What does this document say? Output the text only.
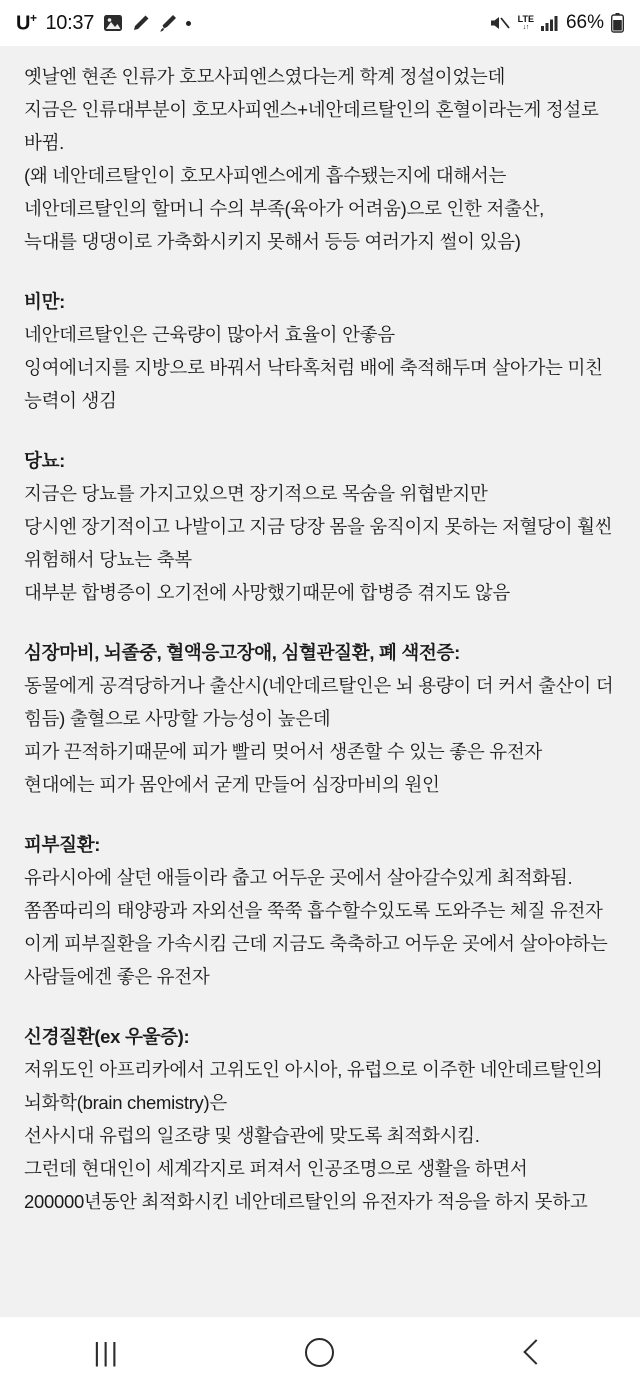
U+ 10:37	LTE
↓↑ 66%

옛날엔 현존 인류가 호모사피엔스였다는게 학계 정설이었는데

지금은 인류대부분이 호모사피엔스+네안데르탈인의 혼혈이라는게 정설로 바뀜.

(왜 네안데르탈인이 호모사피엔스에게 흡수됐는지에 대해서는 네안데르탈인의 할머니 수의 부족(육아가 어려움)으로 인한 저출산,

늑대를 댕댕이로 가축화시키지 못해서 등등 여러가지 썰이 있음)

비만:

네안데르탈인은 근육량이 많아서 효율이 안좋음

잉여에너지를 지방으로 바꿔서 낙타혹처럼 배에 축적해두며 살아가는 미친 능력이 생김

당뇨:

지금은 당뇨를 가지고있으면 장기적으로 목숨을 위협받지만

당시엔 장기적이고 나발이고 지금 당장 몸을 움직이지 못하는 저혈당이 훨씬 위험해서 당뇨는 축복

대부분 합병증이 오기전에 사망했기때문에 합병증 겪지도 않음

심장마비, 뇌졸중, 혈액응고장애, 심혈관질환, 폐 색전증:

동물에게 공격당하거나 출산시(네안데르탈인은 뇌 용량이 더 커서 출산이 더 힘듬) 출혈으로 사망할 가능성이 높은데

피가 끈적하기때문에 피가 빨리 멎어서 생존할 수 있는 좋은 유전자

현대에는 피가 몸안에서 굳게 만들어 심장마비의 원인

피부질환:

유라시아에 살던 애들이라 춥고 어두운 곳에서 살아갈수있게 최적화됨.

쫌쫌따리의 태양광과 자외선을 쭉쭉 흡수할수있도록 도와주는 체질 유전자

이게 피부질환을 가속시킴 근데 지금도 축축하고 어두운 곳에서 살아야하는 사람들에겐 좋은 유전자

신경질환(ex 우울증):

저위도인 아프리카에서 고위도인 아시아, 유럽으로 이주한 네안데르탈인의 뇌화학(brain chemistry)은

선사시대 유럽의 일조량 및 생활습관에 맞도록 최적화시킴.

그런데 현대인이 세계각지로 퍼져서 인공조명으로 생활을 하면서

200000년동안 최적화시킨 네안데르탈인의 유전자가 적응을 하지 못하고

|||
